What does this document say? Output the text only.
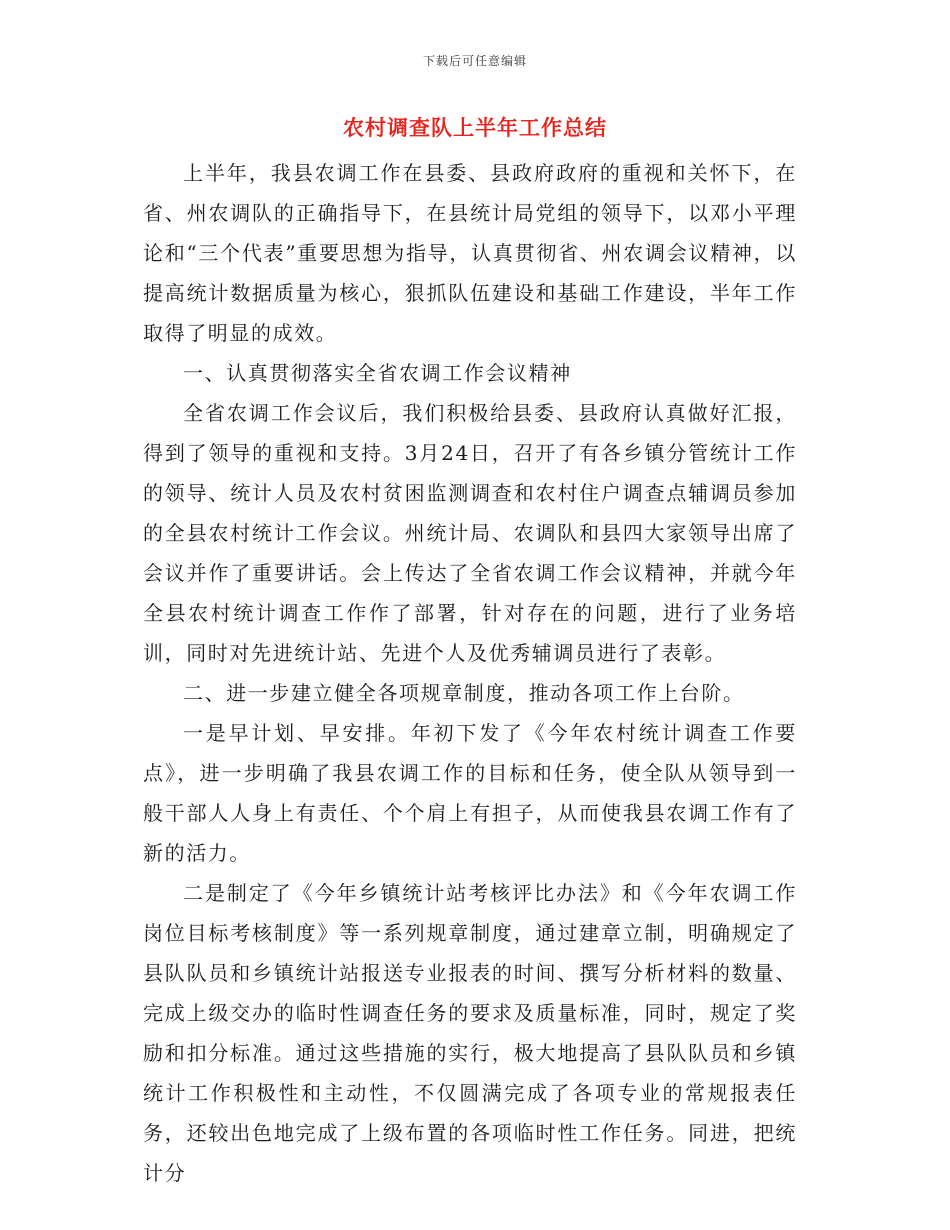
下载后可任意编辑
农村调查队上半年工作总结

上半年，我县农调工作在县委、县政府政府的重视和关怀下，在省、州农调队的正确指导下，在县统计局党组的领导下，以邓小平理论和“三个代表”重要思想为指导，认真贯彻省、州农调会议精神，以提高统计数据质量为核心，狠抓队伍建设和基础工作建设，半年工作取得了明显的成效。

一、认真贯彻落实全省农调工作会议精神

全省农调工作会议后，我们积极给县委、县政府认真做好汇报，得到了领导的重视和支持。3月24日，召开了有各乡镇分管统计工作的领导、统计人员及农村贫困监测调查和农村住户调查点辅调员参加的全县农村统计工作会议。州统计局、农调队和县四大家领导出席了会议并作了重要讲话。会上传达了全省农调工作会议精神，并就今年全县农村统计调查工作作了部署，针对存在的问题，进行了业务培训，同时对先进统计站、先进个人及优秀辅调员进行了表彰。

二、进一步建立健全各项规章制度，推动各项工作上台阶。

一是早计划、早安排。年初下发了《今年农村统计调查工作要点》，进一步明确了我县农调工作的目标和任务，使全队从领导到一般干部人人身上有责任、个个肩上有担子，从而使我县农调工作有了新的活力。

二是制定了《今年乡镇统计站考核评比办法》和《今年农调工作岗位目标考核制度》等一系列规章制度，通过建章立制，明确规定了县队队员和乡镇统计站报送专业报表的时间、撰写分析材料的数量、完成上级交办的临时性调查任务的要求及质量标准，同时，规定了奖励和扣分标准。通过这些措施的实行，极大地提高了县队队员和乡镇统计工作积极性和主动性，不仅圆满完成了各项专业的常规报表任务，还较出色地完成了上级布置的各项临时性工作任务。同进，把统计分
